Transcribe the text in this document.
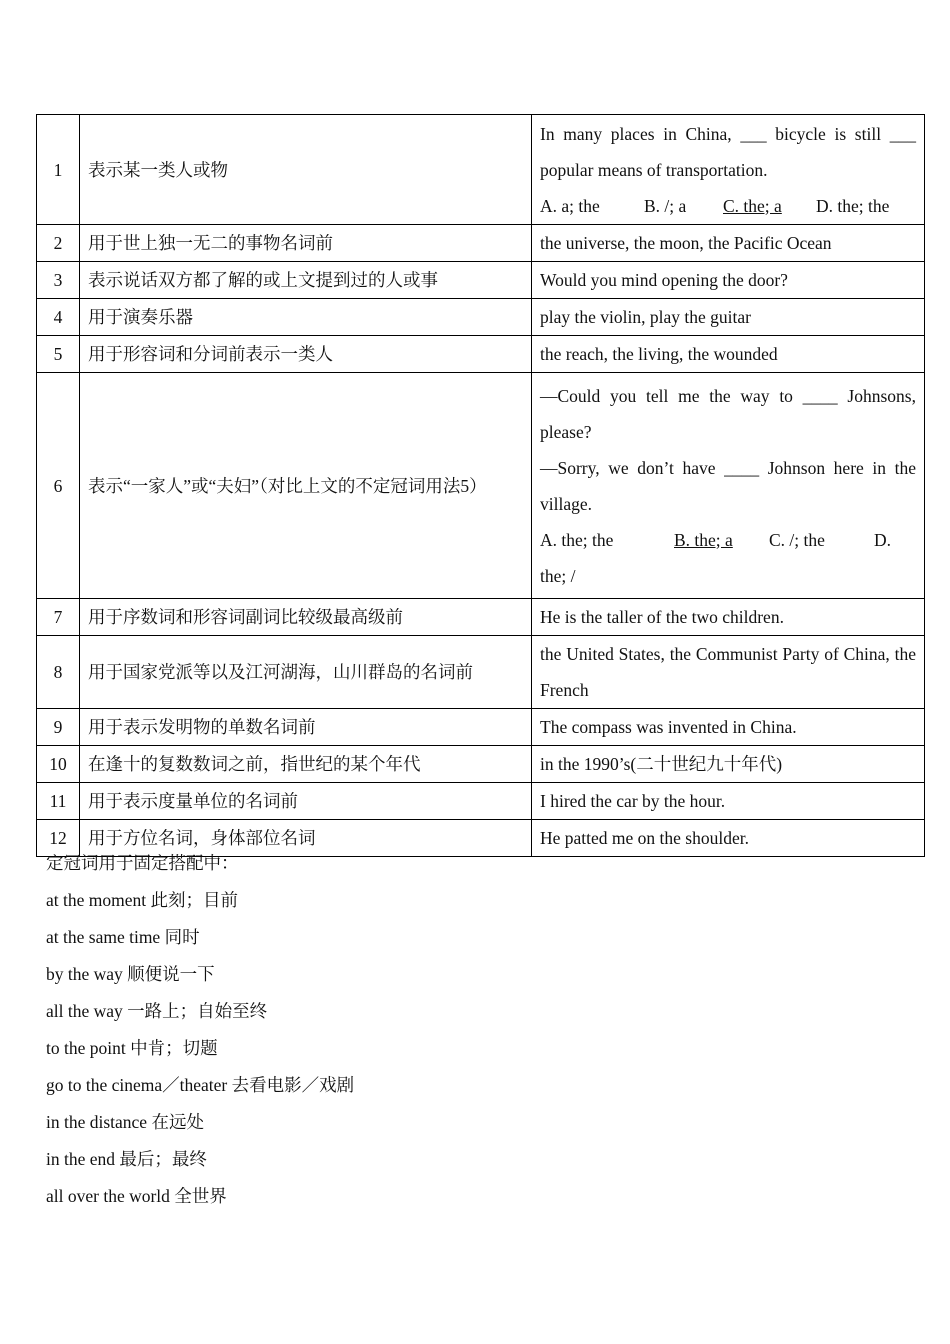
1	表示某一类人或物	In many places in China, ___ bicycle is still ___ popular means of transportation.
A. a; the B. /; a C. the; a D. the; the

2	用于世上独一无二的事物名词前	the universe, the moon, the Pacific Ocean
3	表示说话双方都了解的或上文提到过的人或事	Would you mind opening the door?
4	用于演奏乐器	play the violin, play the guitar
5	用于形容词和分词前表示一类人	the reach, the living, the wounded
6	表示“一家人”或“夫妇”（对比上文的不定冠词用法5）	—Could you tell me the way to ____ Johnsons, please?
—Sorry, we don’t have ____ Johnson here in the village.
A. the; the B. the; a C. /; the D. the; /

7	用于序数词和形容词副词比较级最高级前	He is the taller of the two children.
8	用于国家党派等以及江河湖海，山川群岛的名词前	the United States, the Communist Party of China, the French
9	用于表示发明物的单数名词前	The compass was invented in China.
10	在逢十的复数数词之前，指世纪的某个年代	in the 1990’s(二十世纪九十年代)
11	用于表示度量单位的名词前	I hired the car by the hour.
12	用于方位名词，身体部位名词	He patted me on the shoulder.
定冠词用于固定搭配中：
at the moment 此刻；目前
at the same time 同时
by the way 顺便说一下
all the way 一路上；自始至终
to the point 中肯；切题
go to the cinema／theater 去看电影／戏剧
in the distance 在远处
in the end 最后；最终
all over the world 全世界
